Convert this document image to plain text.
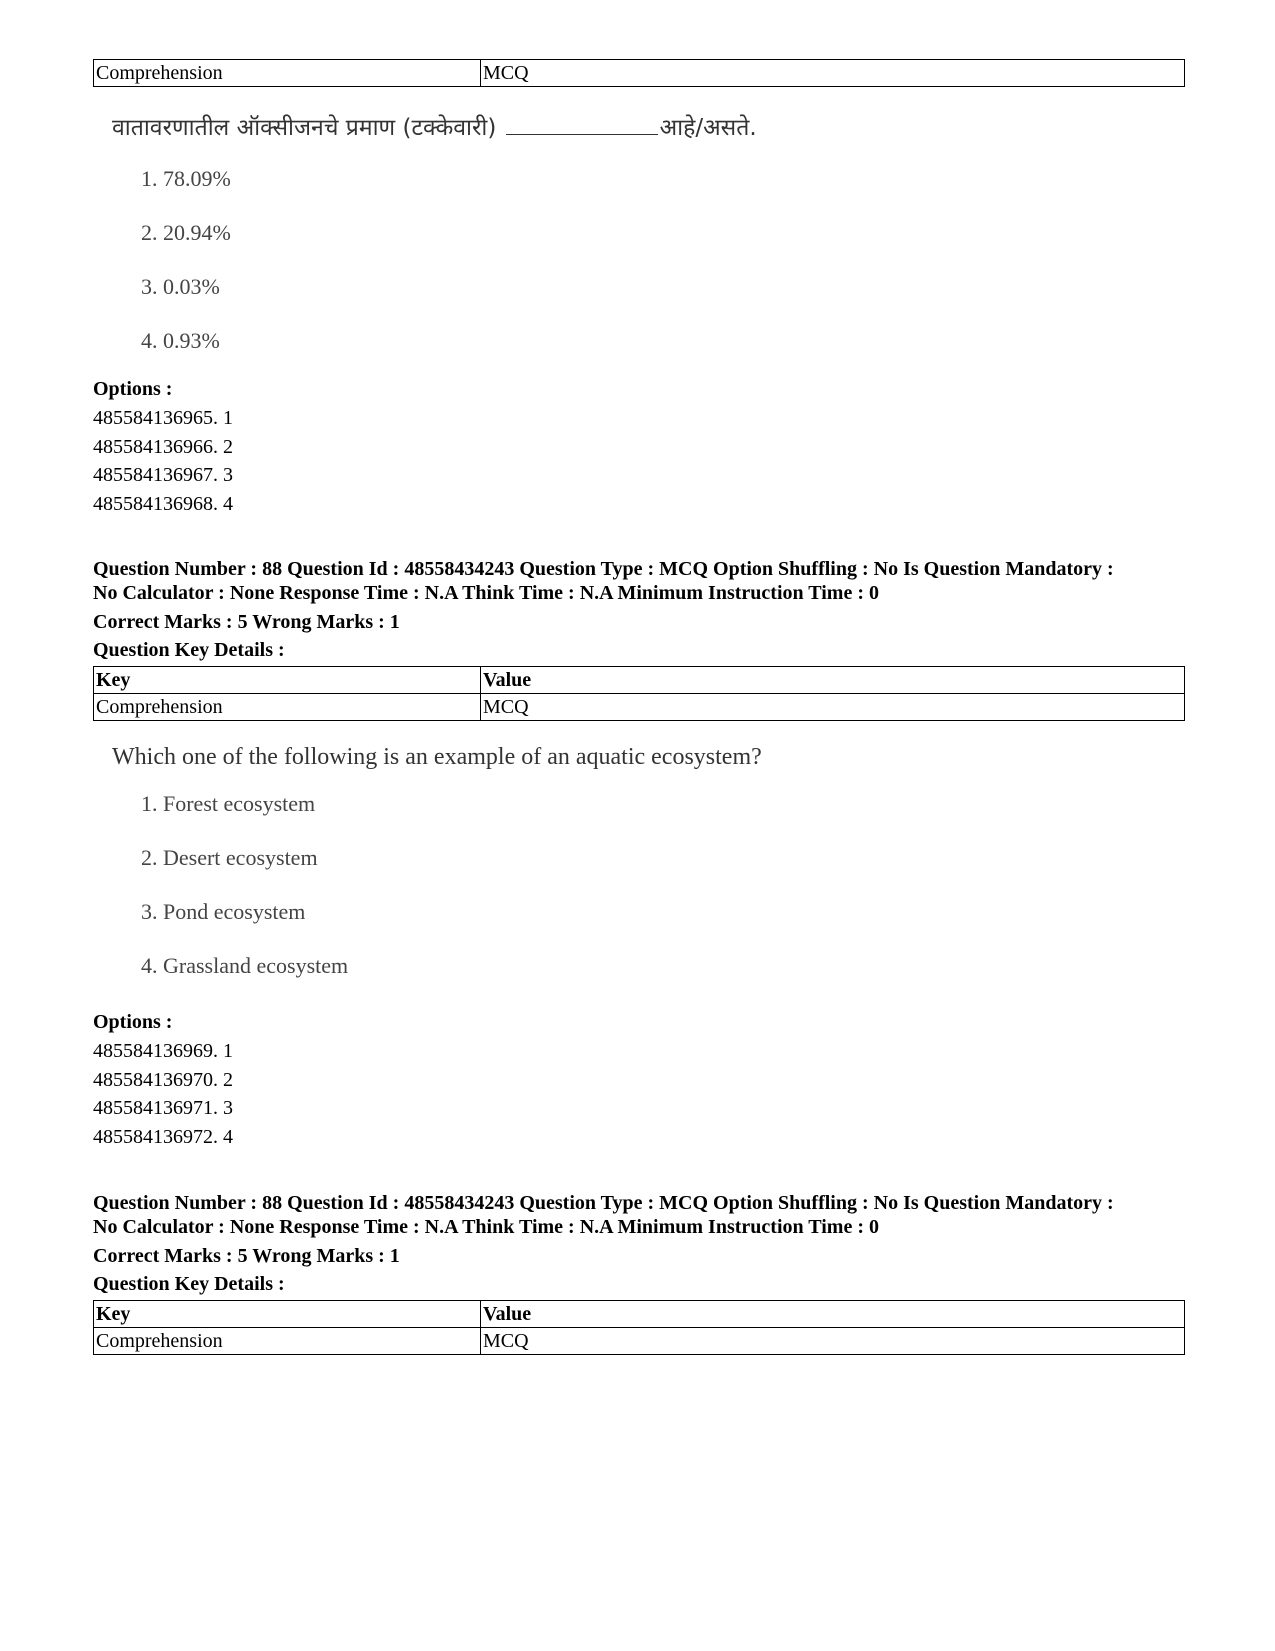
Comprehension	MCQ
वातावरणातील ऑक्सीजनचे प्रमाण (टक्केवारी)	आहे/असते.
1. 78.09%
2. 20.94%
3. 0.03%
4. 0.93%
Options :
485584136965. 1
485584136966. 2
485584136967. 3
485584136968. 4
Question Number : 88 Question Id : 48558434243 Question Type : MCQ Option Shuffling : No Is Question Mandatory :
No Calculator : None Response Time : N.A Think Time : N.A Minimum Instruction Time : 0
Correct Marks : 5 Wrong Marks : 1
Question Key Details :
Key	Value
Comprehension	MCQ
Which one of the following is an example of an aquatic ecosystem?
1. Forest ecosystem
2. Desert ecosystem
3. Pond ecosystem
4. Grassland ecosystem
Options :
485584136969. 1
485584136970. 2
485584136971. 3
485584136972. 4
Question Number : 88 Question Id : 48558434243 Question Type : MCQ Option Shuffling : No Is Question Mandatory :
No Calculator : None Response Time : N.A Think Time : N.A Minimum Instruction Time : 0
Correct Marks : 5 Wrong Marks : 1
Question Key Details :
Key	Value
Comprehension	MCQ
